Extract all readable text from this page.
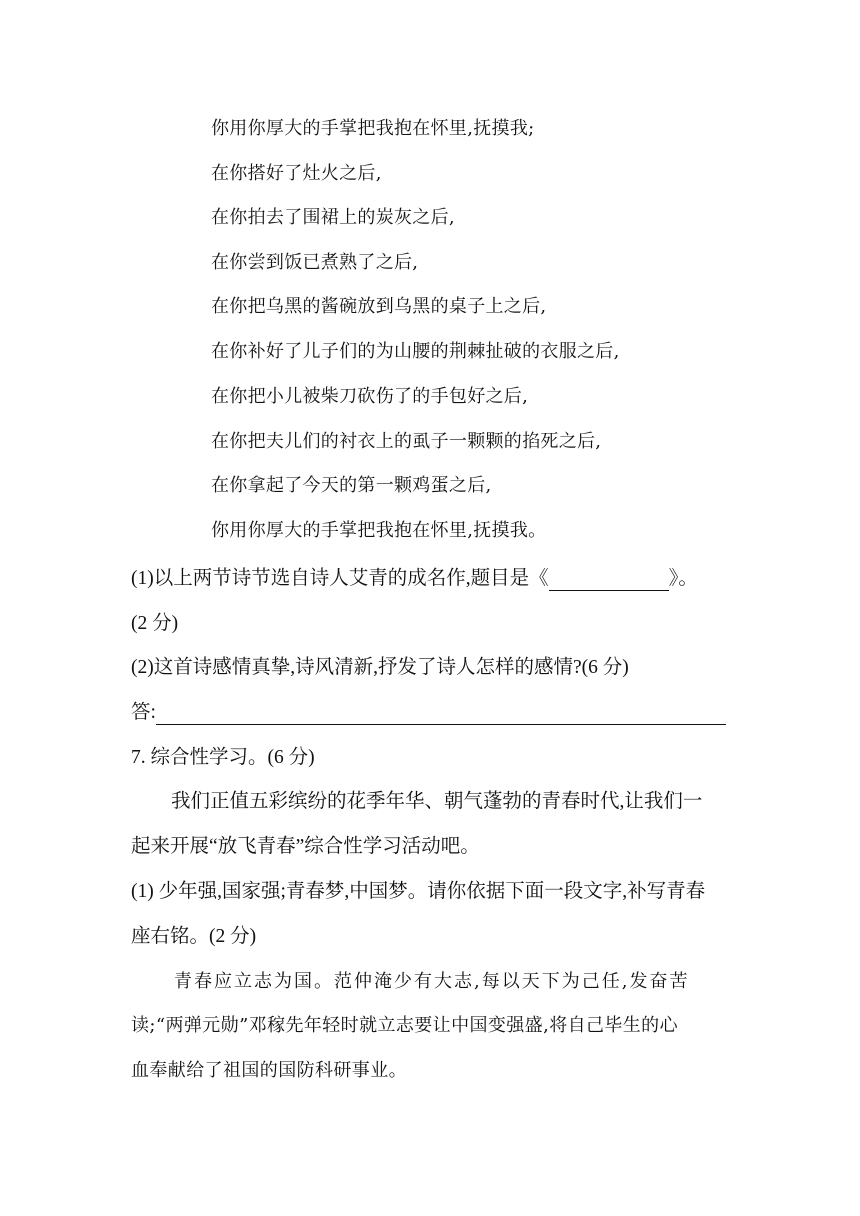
你用你厚大的手掌把我抱在怀里,抚摸我;
在你搭好了灶火之后,
在你拍去了围裙上的炭灰之后,
在你尝到饭已煮熟了之后,
在你把乌黑的酱碗放到乌黑的桌子上之后,
在你补好了儿子们的为山腰的荆棘扯破的衣服之后,
在你把小儿被柴刀砍伤了的手包好之后,
在你把夫儿们的衬衣上的虱子一颗颗的掐死之后,
在你拿起了今天的第一颗鸡蛋之后,
你用你厚大的手掌把我抱在怀里,抚摸我。
(1)以上两节诗节选自诗人艾青的成名作,题目是《	》。
(2 分)
(2)这首诗感情真挚,诗风清新,抒发了诗人怎样的感情?(6 分)
答:
7. 综合性学习。(6 分)
我们正值五彩缤纷的花季年华、朝气蓬勃的青春时代,让我们一
起来开展“放飞青春”综合性学习活动吧。
(1) 少年强,国家强;青春梦,中国梦。请你依据下面一段文字,补写青春
座右铭。(2 分)
青春应立志为国。范仲淹少有大志,每以天下为己任,发奋苦
读;“两弹元勋”邓稼先年轻时就立志要让中国变强盛,将自己毕生的心
血奉献给了祖国的国防科研事业。
